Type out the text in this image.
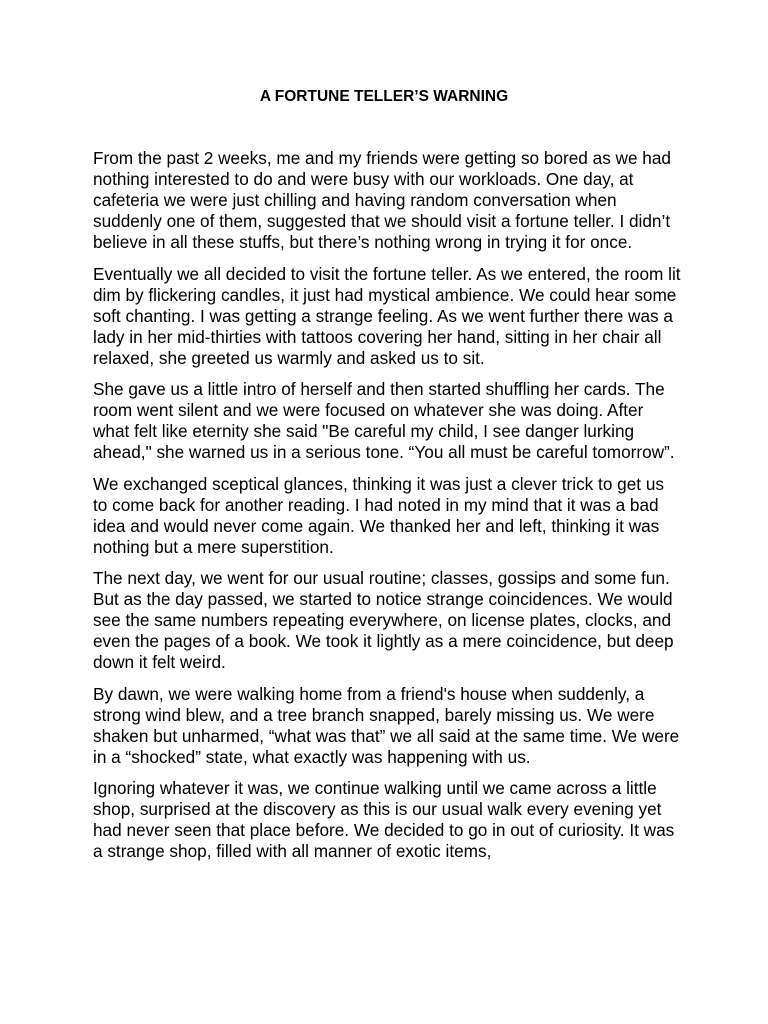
A FORTUNE TELLER’S WARNING

From the past 2 weeks, me and my friends were getting so bored as we had nothing interested to do and were busy with our workloads. One day, at cafeteria we were just chilling and having random conversation when suddenly one of them, suggested that we should visit a fortune teller. I didn’t believe in all these stuffs, but there’s nothing wrong in trying it for once.

Eventually we all decided to visit the fortune teller. As we entered, the room lit dim by flickering candles, it just had mystical ambience. We could hear some soft chanting. I was getting a strange feeling. As we went further there was a lady in her mid-thirties with tattoos covering her hand, sitting in her chair all relaxed, she greeted us warmly and asked us to sit.

She gave us a little intro of herself and then started shuffling her cards. The room went silent and we were focused on whatever she was doing. After what felt like eternity she said "Be careful my child, I see danger lurking ahead," she warned us in a serious tone. “You all must be careful tomorrow”.

We exchanged sceptical glances, thinking it was just a clever trick to get us to come back for another reading. I had noted in my mind that it was a bad idea and would never come again. We thanked her and left, thinking it was nothing but a mere superstition.

The next day, we went for our usual routine; classes, gossips and some fun. But as the day passed, we started to notice strange coincidences. We would see the same numbers repeating everywhere, on license plates, clocks, and even the pages of a book. We took it lightly as a mere coincidence, but deep down it felt weird.

By dawn, we were walking home from a friend's house when suddenly, a strong wind blew, and a tree branch snapped, barely missing us. We were shaken but unharmed, “what was that” we all said at the same time. We were in a “shocked” state, what exactly was happening with us.

Ignoring whatever it was, we continue walking until we came across a little shop, surprised at the discovery as this is our usual walk every evening yet had never seen that place before. We decided to go in out of curiosity. It was a strange shop, filled with all manner of exotic items,
